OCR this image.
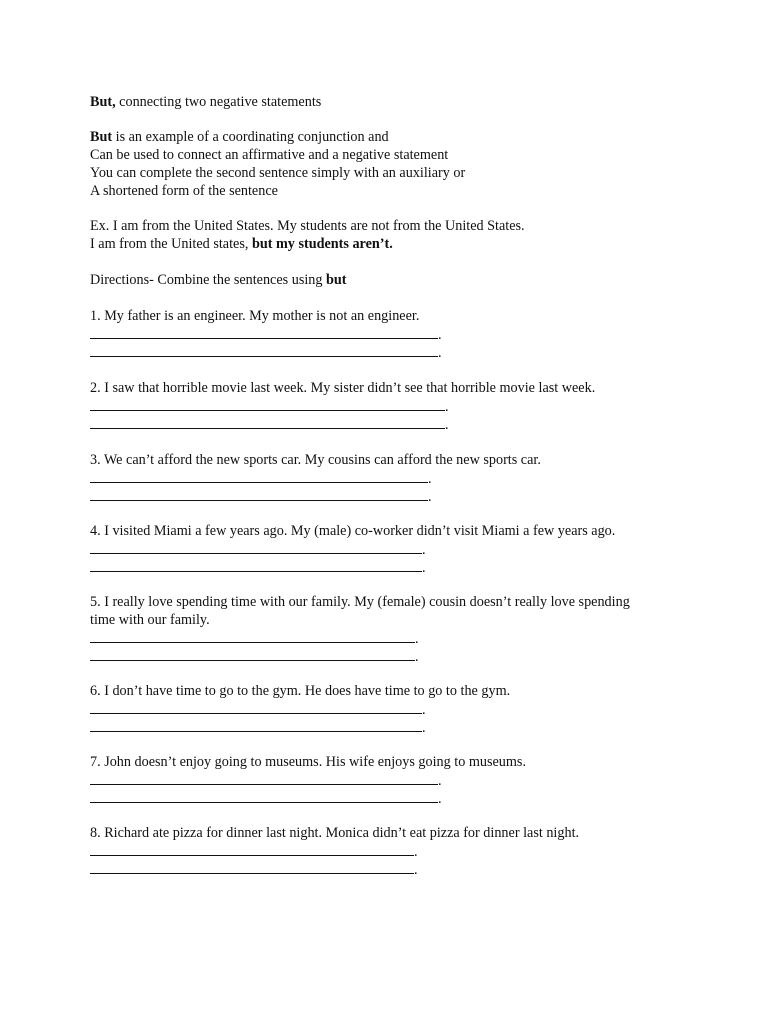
But, connecting two negative statements
But is an example of a coordinating conjunction and
Can be used to connect an affirmative and a negative statement
You can complete the second sentence simply with an auxiliary or
A shortened form of the sentence
Ex. I am from the United States. My students are not from the United States.
I am from the United states, but my students aren’t.
Directions- Combine the sentences using but
1. My father is an engineer. My mother is not an engineer.
.
.
2. I saw that horrible movie last week. My sister didn’t see that horrible movie last week.
.
.
3. We can’t afford the new sports car. My cousins can afford the new sports car.
.
.
4. I visited Miami a few years ago. My (male) co-worker didn’t visit Miami a few years ago.
.
.
5. I really love spending time with our family. My (female) cousin doesn’t really love spending
time with our family.
.
.
6. I don’t have time to go to the gym. He does have time to go to the gym.
.
.
7. John doesn’t enjoy going to museums. His wife enjoys going to museums.
.
.
8. Richard ate pizza for dinner last night. Monica didn’t eat pizza for dinner last night.
.
.
